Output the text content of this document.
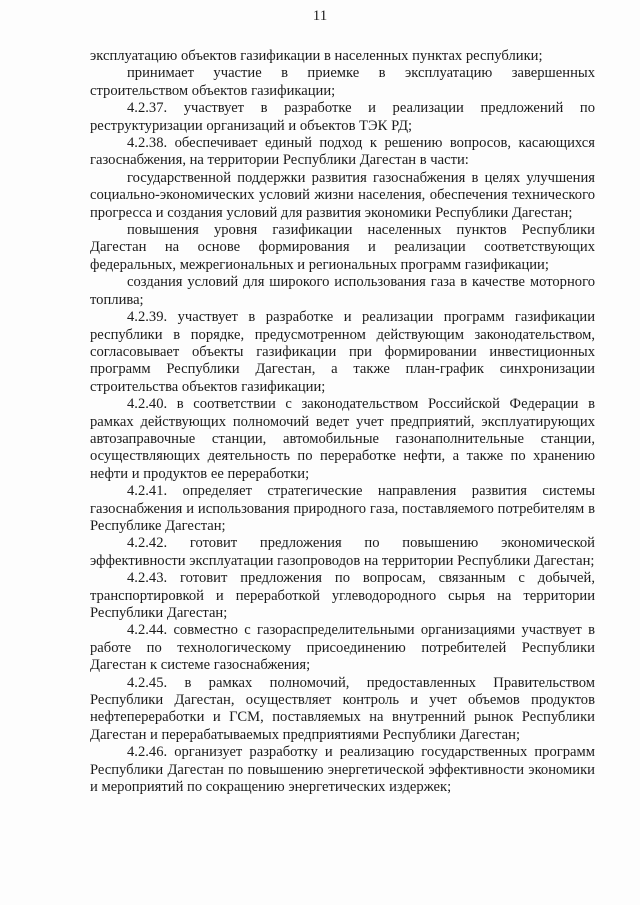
11

эксплуатацию объектов газификации в населенных пунктах республики;

принимает участие в приемке в эксплуатацию завершенных строительством объектов газификации;

4.2.37. участвует в разработке и реализации предложений по реструктуризации организаций и объектов ТЭК РД;

4.2.38. обеспечивает единый подход к решению вопросов, касающихся газоснабжения, на территории Республики Дагестан в части:

государственной поддержки развития газоснабжения в целях улучшения социально-экономических условий жизни населения, обеспечения технического прогресса и создания условий для развития экономики Республики Дагестан;

повышения уровня газификации населенных пунктов Республики Дагестан на основе формирования и реализации соответствующих федеральных, межрегиональных и региональных программ газификации;

создания условий для широкого использования газа в качестве моторного топлива;

4.2.39. участвует в разработке и реализации программ газификации республики в порядке, предусмотренном действующим законодательством, согласовывает объекты газификации при формировании инвестиционных программ Республики Дагестан, а также план-график синхронизации строительства объектов газификации;

4.2.40. в соответствии с законодательством Российской Федерации в рамках действующих полномочий ведет учет предприятий, эксплуатирующих автозаправочные станции, автомобильные газонаполнительные станции, осуществляющих деятельность по переработке нефти, а также по хранению нефти и продуктов ее переработки;

4.2.41. определяет стратегические направления развития системы газоснабжения и использования природного газа, поставляемого потребителям в Республике Дагестан;

4.2.42. готовит предложения по повышению экономической эффективности эксплуатации газопроводов на территории Республики Дагестан;

4.2.43. готовит предложения по вопросам, связанным с добычей, транспортировкой и переработкой углеводородного сырья на территории Республики Дагестан;

4.2.44. совместно с газораспределительными организациями участвует в работе по технологическому присоединению потребителей Республики Дагестан к системе газоснабжения;

4.2.45. в рамках полномочий, предоставленных Правительством Республики Дагестан, осуществляет контроль и учет объемов продуктов нефтепереработки и ГСМ, поставляемых на внутренний рынок Республики Дагестан и перерабатываемых предприятиями Республики Дагестан;

4.2.46. организует разработку и реализацию государственных программ Республики Дагестан по повышению энергетической эффективности экономики и мероприятий по сокращению энергетических издержек;
